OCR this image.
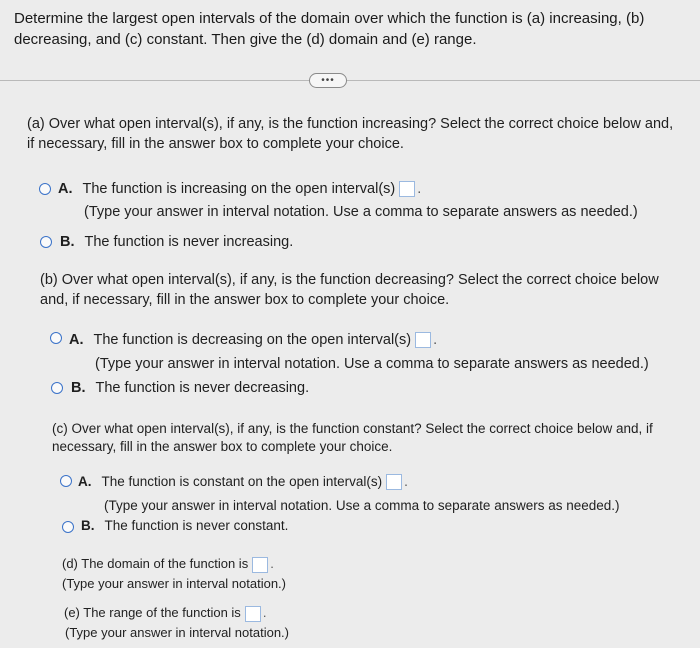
Determine the largest open intervals of the domain over which the function is (a) increasing, (b) decreasing, and (c) constant. Then give the (d) domain and (e) range.
•••
(a) Over what open interval(s), if any, is the function increasing? Select the correct choice below and, if necessary, fill in the answer box to complete your choice.
A. The function is increasing on the open interval(s) .
(Type your answer in interval notation. Use a comma to separate answers as needed.)
B. The function is never increasing.
(b) Over what open interval(s), if any, is the function decreasing? Select the correct choice below and, if necessary, fill in the answer box to complete your choice.
A. The function is decreasing on the open interval(s) .
(Type your answer in interval notation. Use a comma to separate answers as needed.)
B. The function is never decreasing.
(c) Over what open interval(s), if any, is the function constant? Select the correct choice below and, if necessary, fill in the answer box to complete your choice.
A. The function is constant on the open interval(s) .
(Type your answer in interval notation. Use a comma to separate answers as needed.)
B. The function is never constant.
(d) The domain of the function is .
(Type your answer in interval notation.)
(e) The range of the function is .
(Type your answer in interval notation.)
